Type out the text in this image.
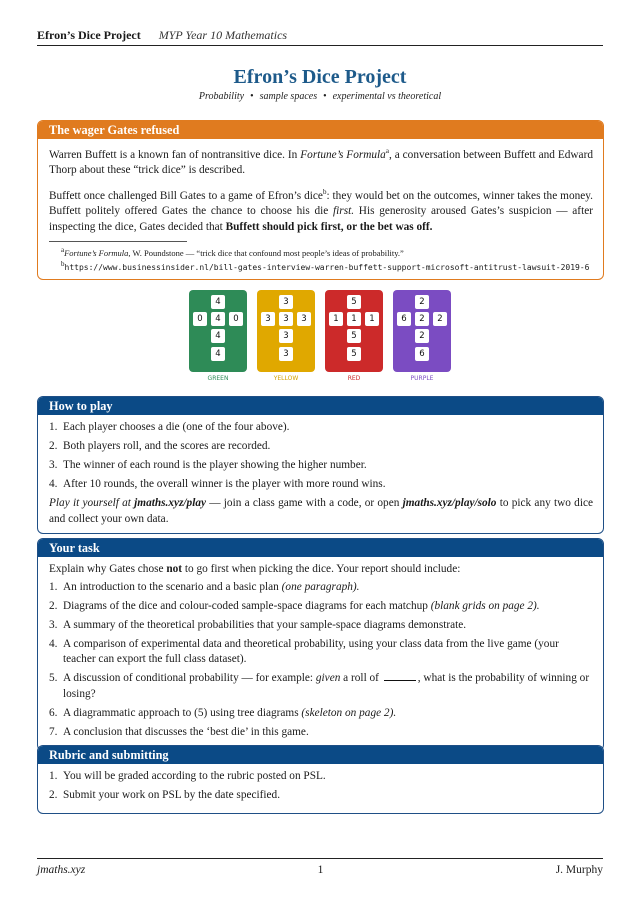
Efron’s Dice Project MYP Year 10 Mathematics
Efron’s Dice Project
Probability • sample spaces • experimental vs theoretical
The wager Gates refused

Warren Buffett is a known fan of nontransitive dice. In Fortune’s Formula$^a$, a conversation between Buffett and Edward Thorp about these “trick dice” is described.

Buffett once challenged Bill Gates to a game of Efron’s dice$^b$: they would bet on the outcomes, winner takes the money. Buffett politely offered Gates the chance to choose his die first. His generosity aroused Gates’s suspicion — after inspecting the dice, Gates decided that Buffett should pick first, or the bet was off.

$^a$Fortune’s Formula, W. Poundstone — “trick dice that confound most people’s ideas of probability.”
$^b$https://www.businessinsider.nl/bill-gates-interview-warren-buffett-support-microsoft-antitrust-lawsuit-2019-6
4
0	4	0
4
4
GREEN
3
3	3	3
3
3
YELLOW
5
1	1	1
5
5
RED
2
6	2	2
2
6
PURPLE
How to play
1. Each player chooses a die (one of the four above).
2. Both players roll, and the scores are recorded.
3. The winner of each round is the player showing the higher number.
4. After 10 rounds, the overall winner is the player with more round wins.

Play it yourself at jmaths.xyz/play — join a class game with a code, or open jmaths.xyz/play/solo to pick any two dice and collect your own data.

Your task

Explain why Gates chose not to go first when picking the dice. Your report should include:

1. An introduction to the scenario and a basic plan (one paragraph).
2. Diagrams of the dice and colour-coded sample-space diagrams for each matchup (blank grids on page 2).
3. A summary of the theoretical probabilities that your sample-space diagrams demonstrate.
4. A comparison of experimental data and theoretical probability, using your class data from the live game (your teacher can export the full class dataset).
5. A discussion of conditional probability — for example: given a roll of	, what is the probability of winning or losing?
6. A diagrammatic approach to (5) using tree diagrams (skeleton on page 2).
7. A conclusion that discusses the ‘best die’ in this game.
Rubric and submitting
1. You will be graded according to the rubric posted on PSL.
2. Submit your work on PSL by the date specified.
jmaths.xyz	1	J. Murphy
